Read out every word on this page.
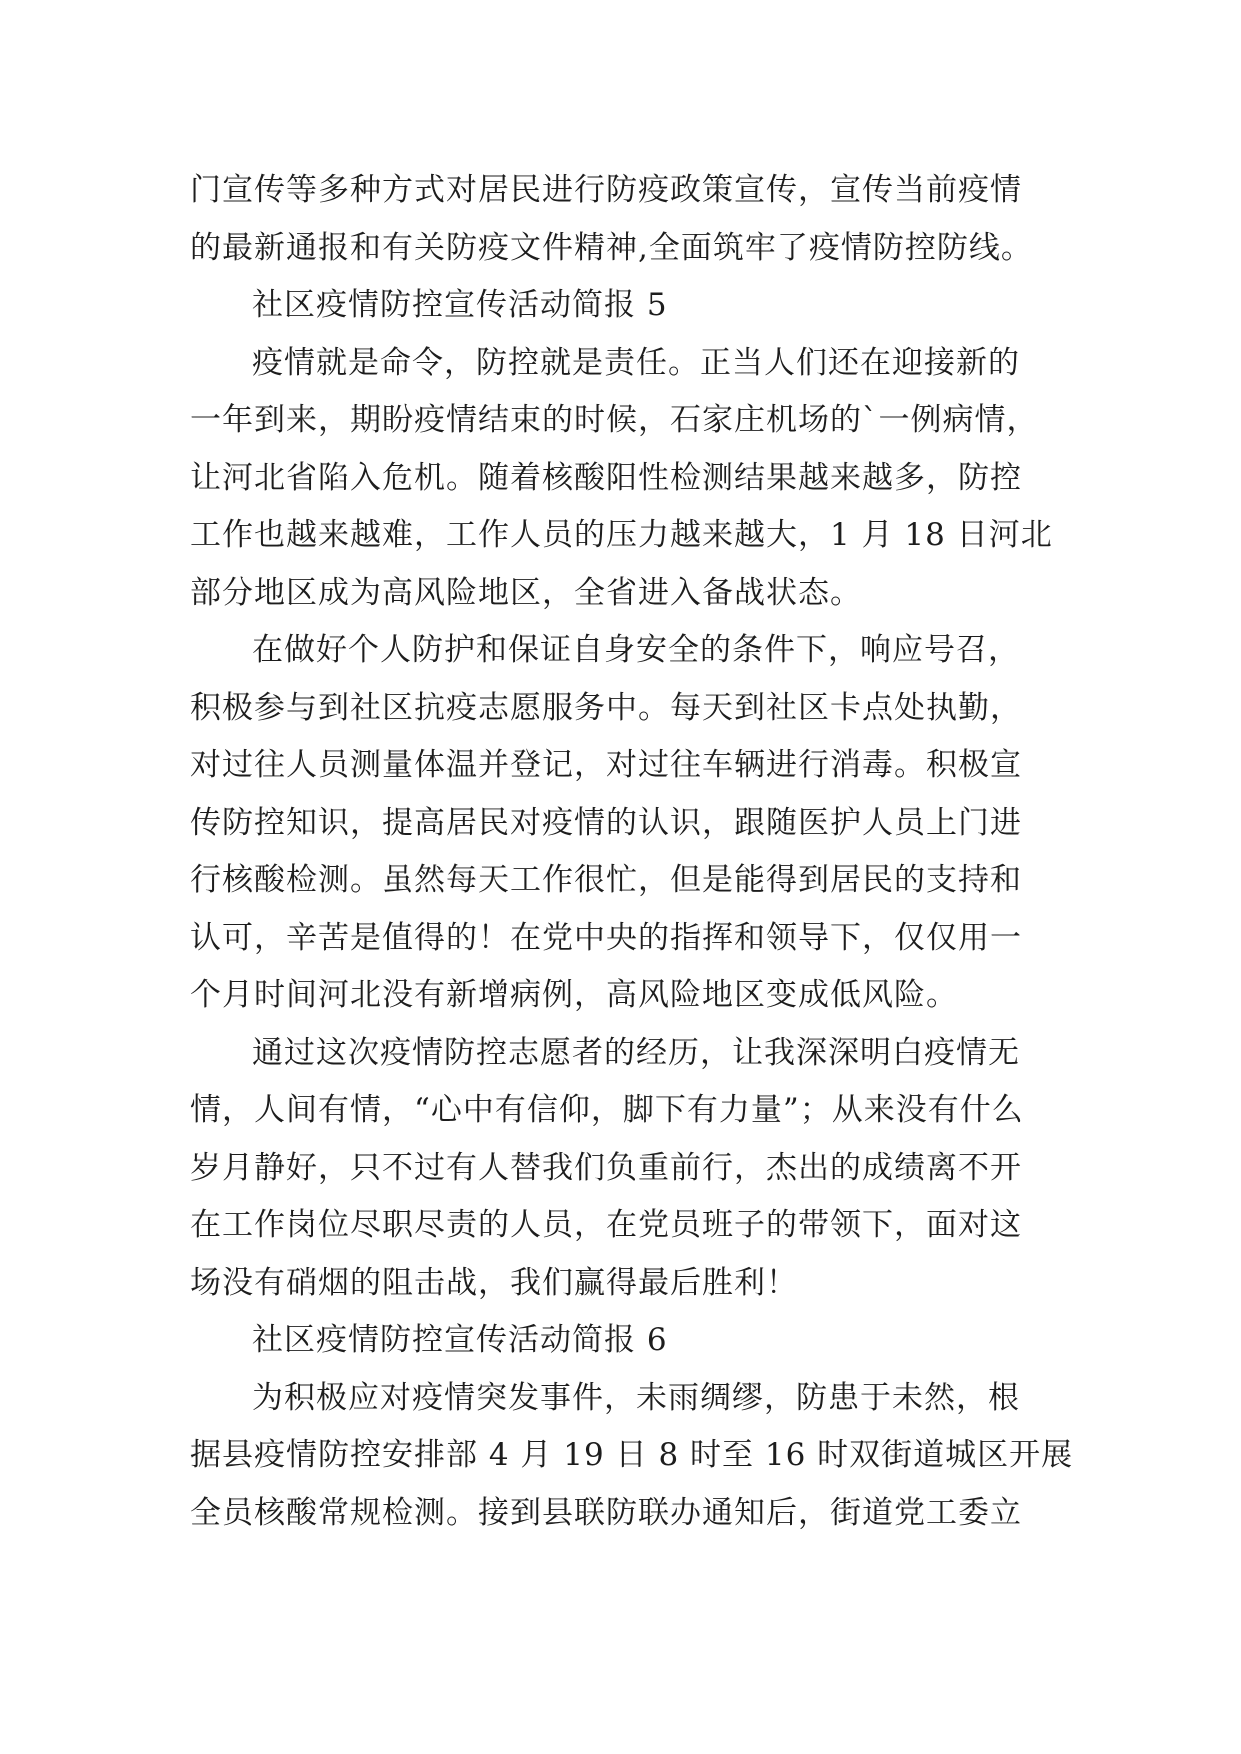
门宣传等多种方式对居民进行防疫政策宣传，宣传当前疫情
的最新通报和有关防疫文件精神,全面筑牢了疫情防控防线。
社区疫情防控宣传活动简报 5
疫情就是命令，防控就是责任。正当人们还在迎接新的
一年到来，期盼疫情结束的时候，石家庄机场的`一例病情，
让河北省陷入危机。随着核酸阳性检测结果越来越多，防控
工作也越来越难，工作人员的压力越来越大，1 月 18 日河北
部分地区成为高风险地区，全省进入备战状态。
在做好个人防护和保证自身安全的条件下，响应号召，
积极参与到社区抗疫志愿服务中。每天到社区卡点处执勤，
对过往人员测量体温并登记，对过往车辆进行消毒。积极宣
传防控知识，提高居民对疫情的认识，跟随医护人员上门进
行核酸检测。虽然每天工作很忙，但是能得到居民的支持和
认可，辛苦是值得的！在党中央的指挥和领导下，仅仅用一
个月时间河北没有新增病例，高风险地区变成低风险。
通过这次疫情防控志愿者的经历，让我深深明白疫情无
情，人间有情，“心中有信仰，脚下有力量”；从来没有什么
岁月静好，只不过有人替我们负重前行，杰出的成绩离不开
在工作岗位尽职尽责的人员，在党员班子的带领下，面对这
场没有硝烟的阻击战，我们赢得最后胜利！
社区疫情防控宣传活动简报 6
为积极应对疫情突发事件，未雨绸缪，防患于未然，根
据县疫情防控安排部 4 月 19 日 8 时至 16 时双街道城区开展
全员核酸常规检测。接到县联防联办通知后，街道党工委立
